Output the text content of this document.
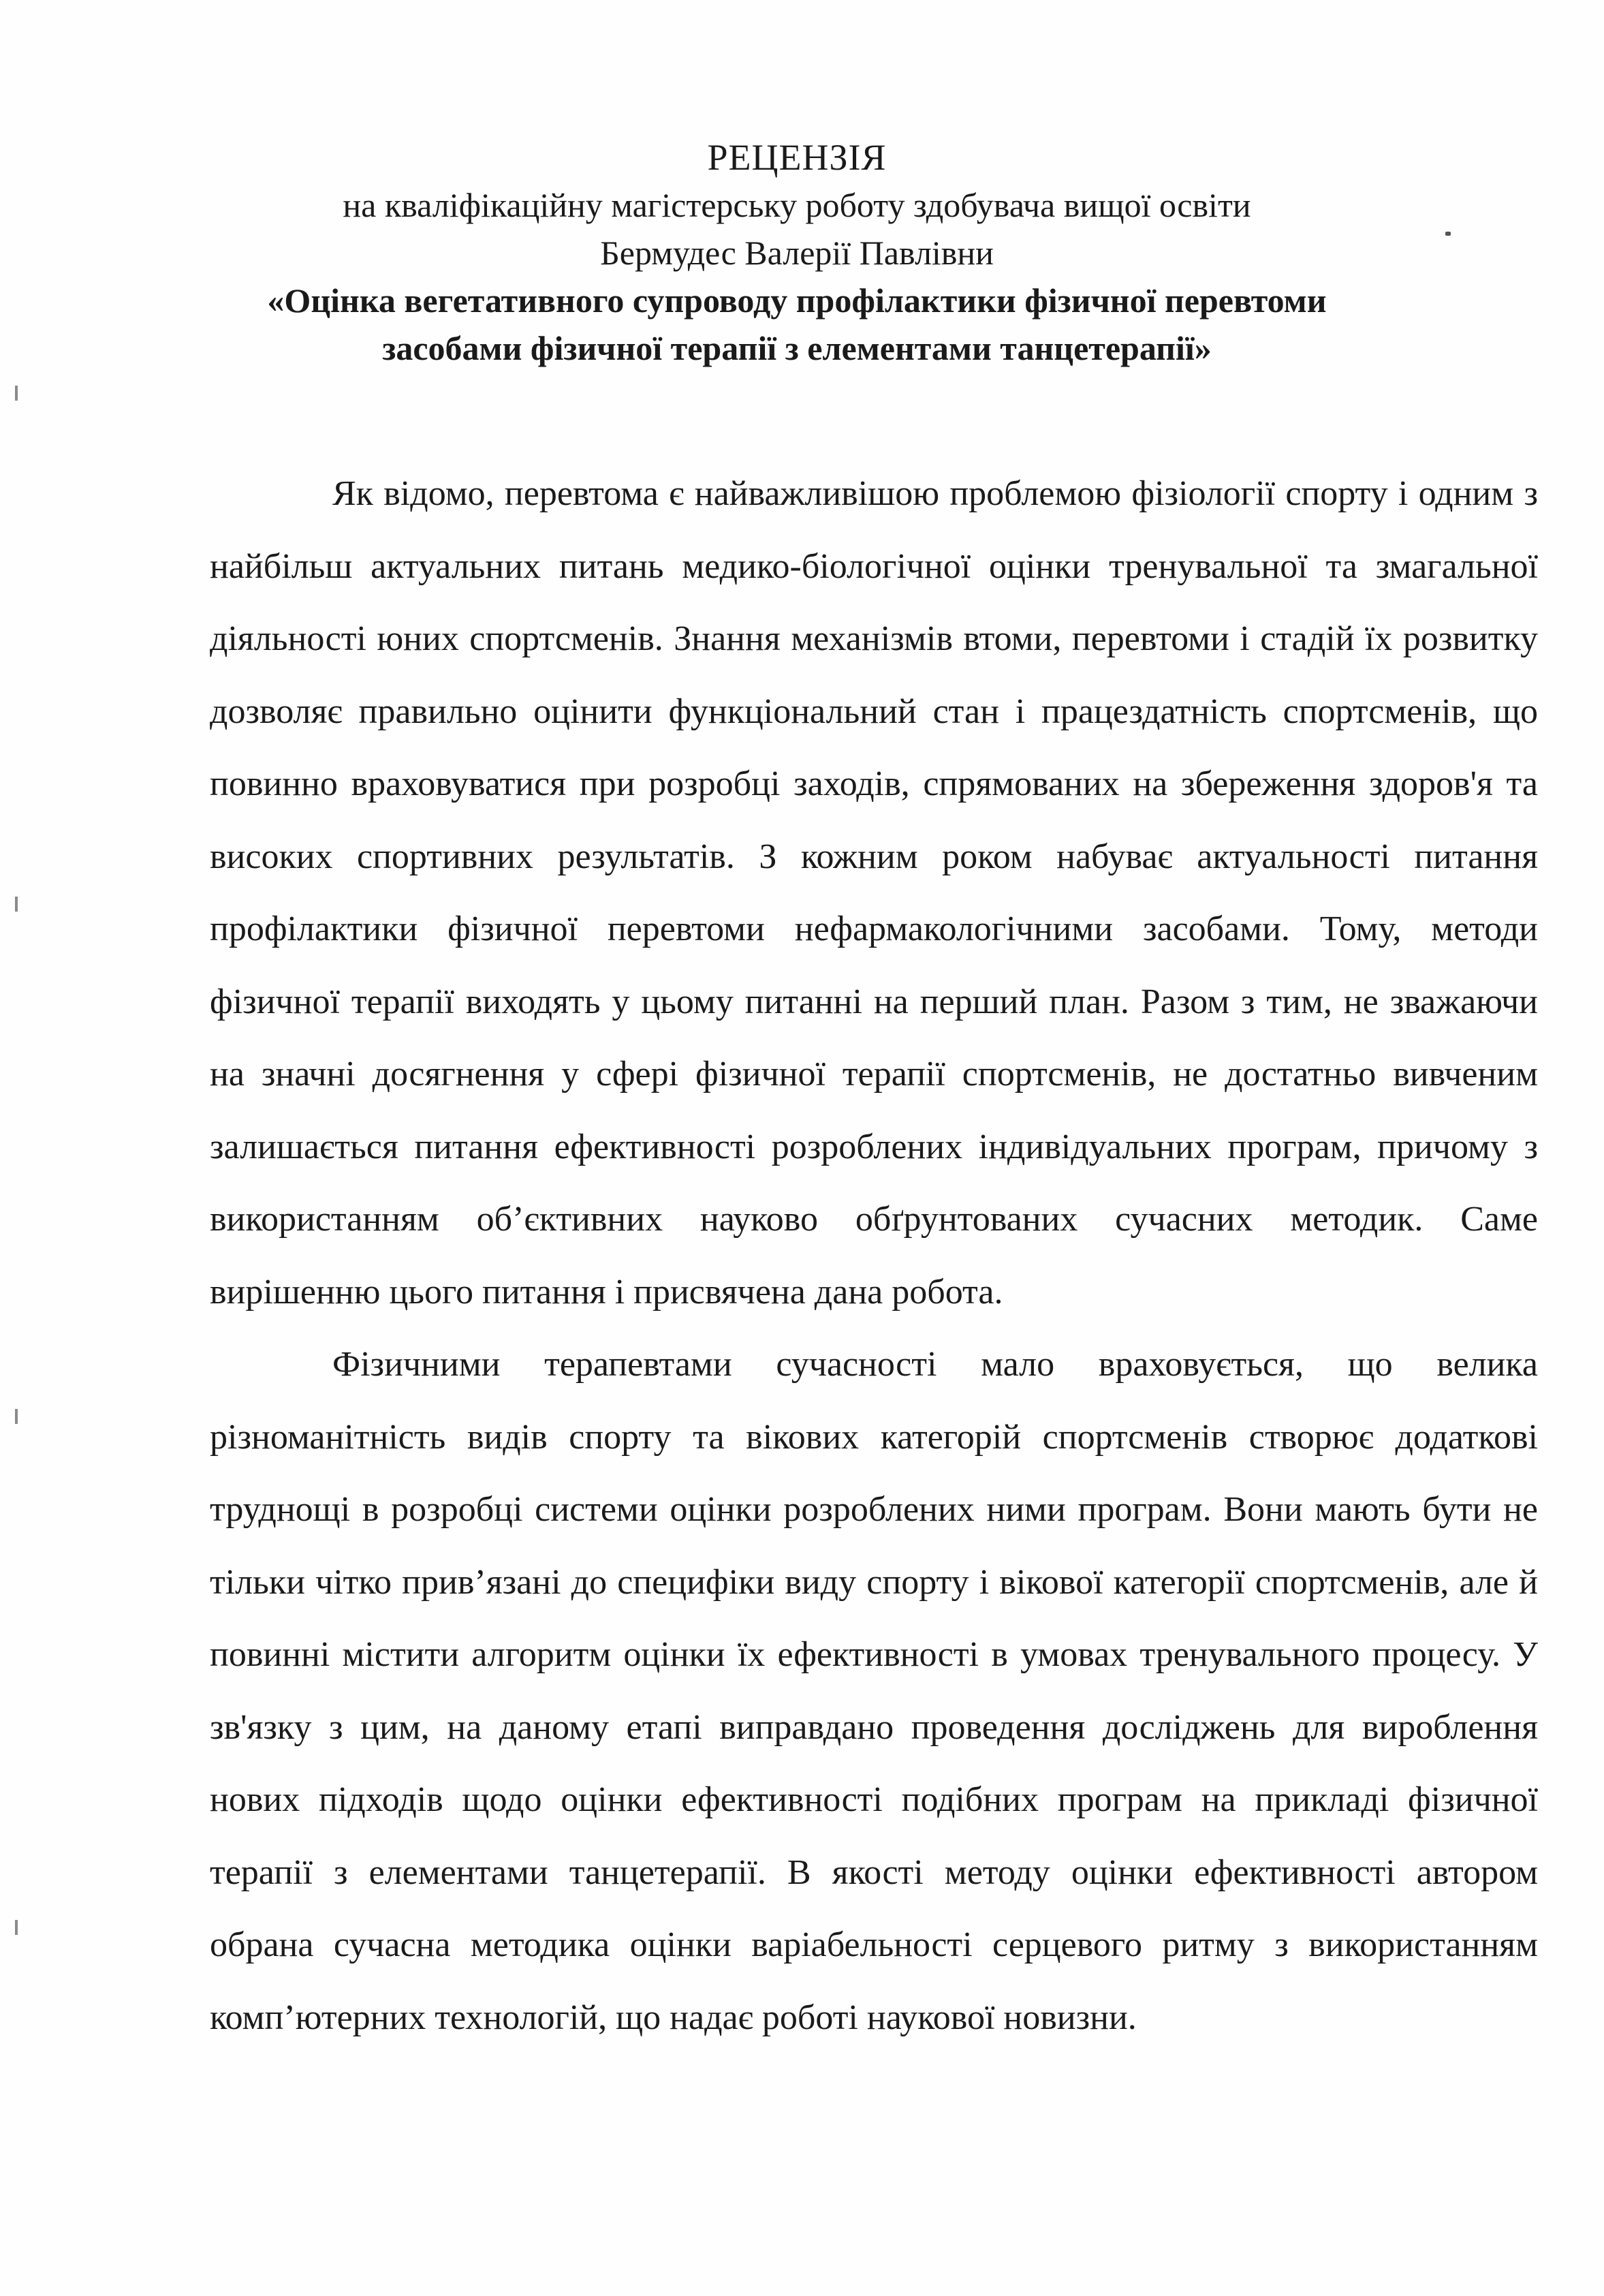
РЕЦЕНЗІЯ

на кваліфікаційну магістерську роботу здобувача вищої освіти

Бермудес Валерії Павлівни

«Оцінка вегетативного супроводу профілактики фізичної перевтоми

засобами фізичної терапії з елементами танцетерапії»

Як відомо, перевтома є найважливішою проблемою фізіології спорту і одним з найбільш актуальних питань медико-біологічної оцінки тренувальної та змагальної діяльності юних спортсменів. Знання механізмів втоми, перевтоми і стадій їх розвитку дозволяє правильно оцінити функціональний стан і працездатність спортсменів, що повинно враховуватися при розробці заходів, спрямованих на збереження здоров'я та високих спортивних результатів. З кожним роком набуває актуальності питання профілактики фізичної перевтоми нефармакологічними засобами. Тому, методи фізичної терапії виходять у цьому питанні на перший план. Разом з тим, не зважаючи на значні досягнення у сфері фізичної терапії спортсменів, не достатньо вивченим залишається питання ефективності розроблених індивідуальних програм, причому з використанням об’єктивних науково обґрунтованих сучасних методик. Саме вирішенню цього питання і присвячена дана робота.

Фізичними терапевтами сучасності мало враховується, що велика різноманітність видів спорту та вікових категорій спортсменів створює додаткові труднощі в розробці системи оцінки розроблених ними програм. Вони мають бути не тільки чітко прив’язані до специфіки виду спорту і вікової категорії спортсменів, але й повинні містити алгоритм оцінки їх ефективності в умовах тренувального процесу. У зв'язку з цим, на даному етапі виправдано проведення досліджень для вироблення нових підходів щодо оцінки ефективності подібних програм на прикладі фізичної терапії з елементами танцетерапії. В якості методу оцінки ефективності автором обрана сучасна методика оцінки варіабельності серцевого ритму з використанням комп’ютерних технологій, що надає роботі наукової новизни.
